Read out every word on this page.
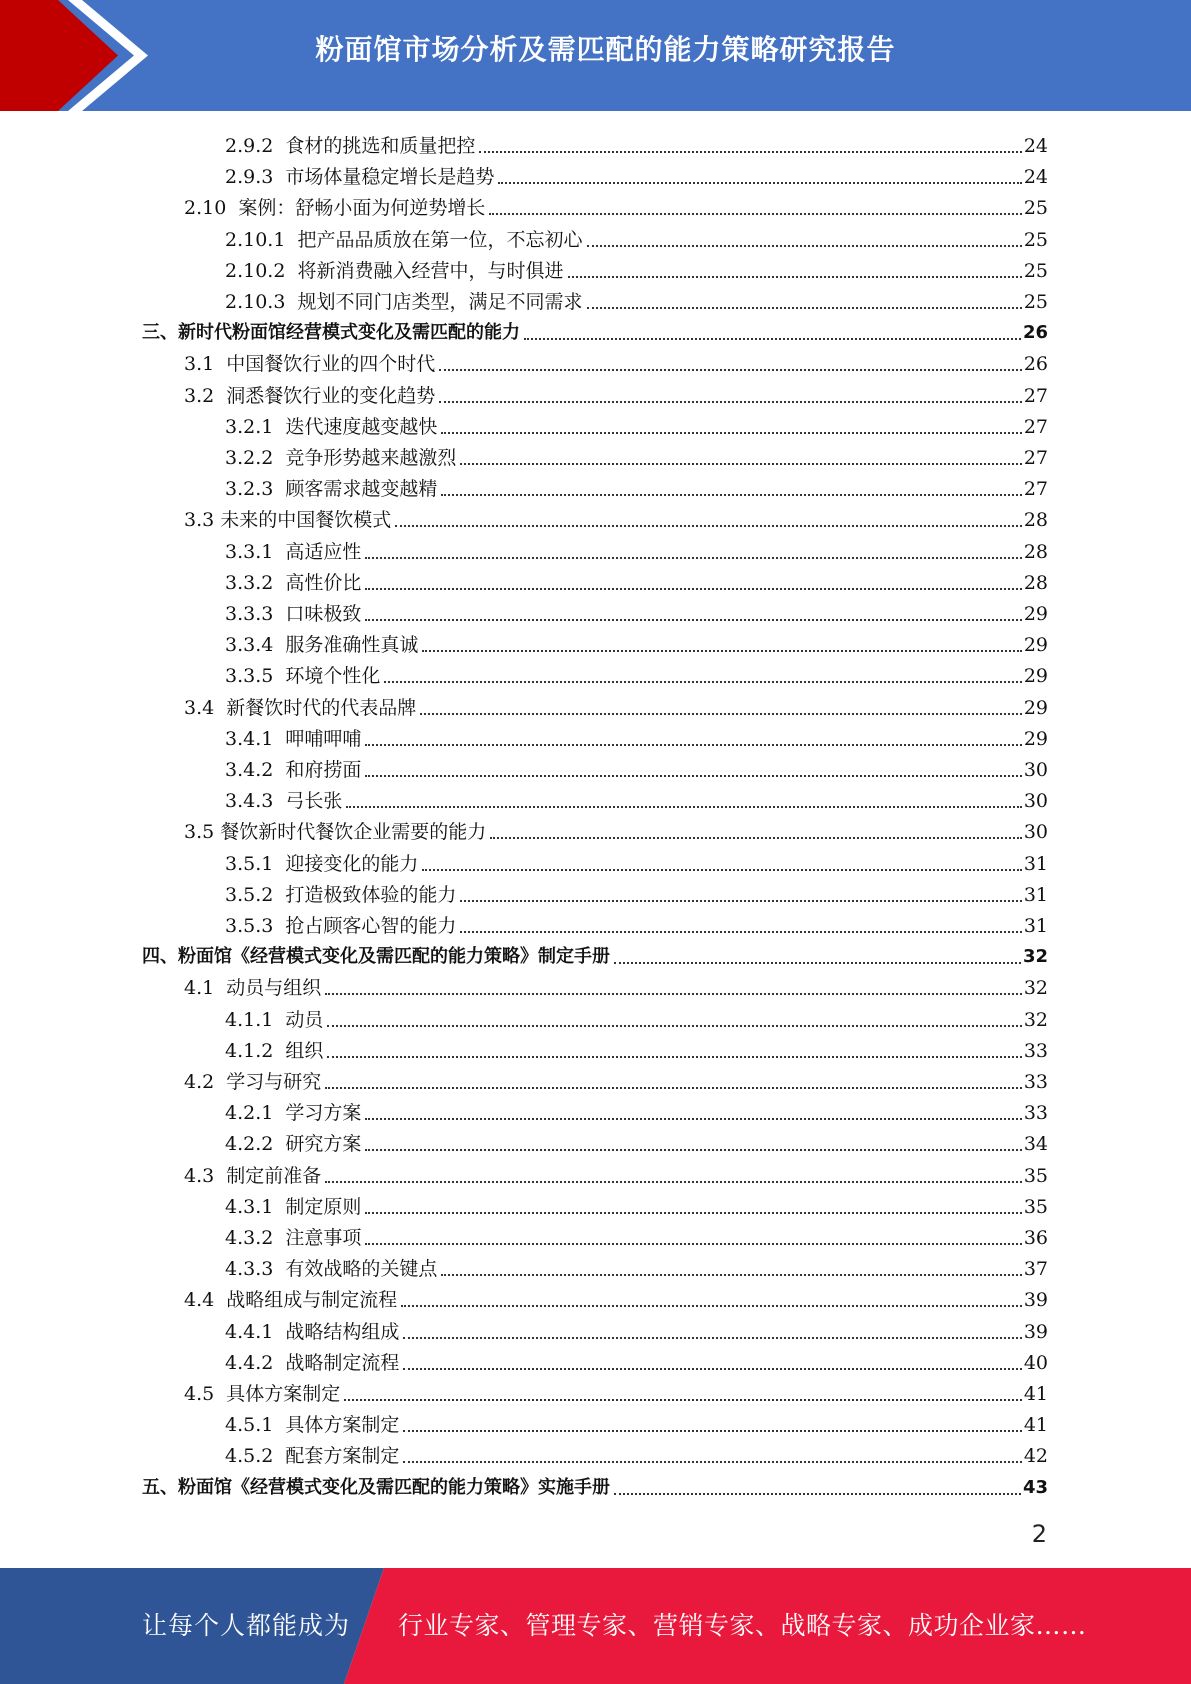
粉面馆市场分析及需匹配的能力策略研究报告
2.9.2  食材的挑选和质量把控	24
2.9.3  市场体量稳定增长是趋势	24
2.10  案例：舒畅小面为何逆势增长	25
2.10.1  把产品品质放在第一位，不忘初心	25
2.10.2  将新消费融入经营中，与时俱进	25
2.10.3  规划不同门店类型，满足不同需求	25
三、新时代粉面馆经营模式变化及需匹配的能力	26
3.1  中国餐饮行业的四个时代	26
3.2  洞悉餐饮行业的变化趋势	27
3.2.1  迭代速度越变越快	27
3.2.2  竞争形势越来越激烈	27
3.2.3  顾客需求越变越精	27
3.3 未来的中国餐饮模式	28
3.3.1  高适应性	28
3.3.2  高性价比	28
3.3.3  口味极致	29
3.3.4  服务准确性真诚	29
3.3.5  环境个性化	29
3.4  新餐饮时代的代表品牌	29
3.4.1  呷哺呷哺	29
3.4.2  和府捞面	30
3.4.3  弓长张	30
3.5 餐饮新时代餐饮企业需要的能力	30
3.5.1  迎接变化的能力	31
3.5.2  打造极致体验的能力	31
3.5.3  抢占顾客心智的能力	31
四、粉面馆《经营模式变化及需匹配的能力策略》制定手册	32
4.1  动员与组织	32
4.1.1  动员	32
4.1.2  组织	33
4.2  学习与研究	33
4.2.1  学习方案	33
4.2.2  研究方案	34
4.3  制定前准备	35
4.3.1  制定原则	35
4.3.2  注意事项	36
4.3.3  有效战略的关键点	37
4.4  战略组成与制定流程	39
4.4.1  战略结构组成	39
4.4.2  战略制定流程	40
4.5  具体方案制定	41
4.5.1  具体方案制定	41
4.5.2  配套方案制定	42
五、粉面馆《经营模式变化及需匹配的能力策略》实施手册	43
2
让每个人都能成为 行业专家、管理专家、营销专家、战略专家、成功企业家……
